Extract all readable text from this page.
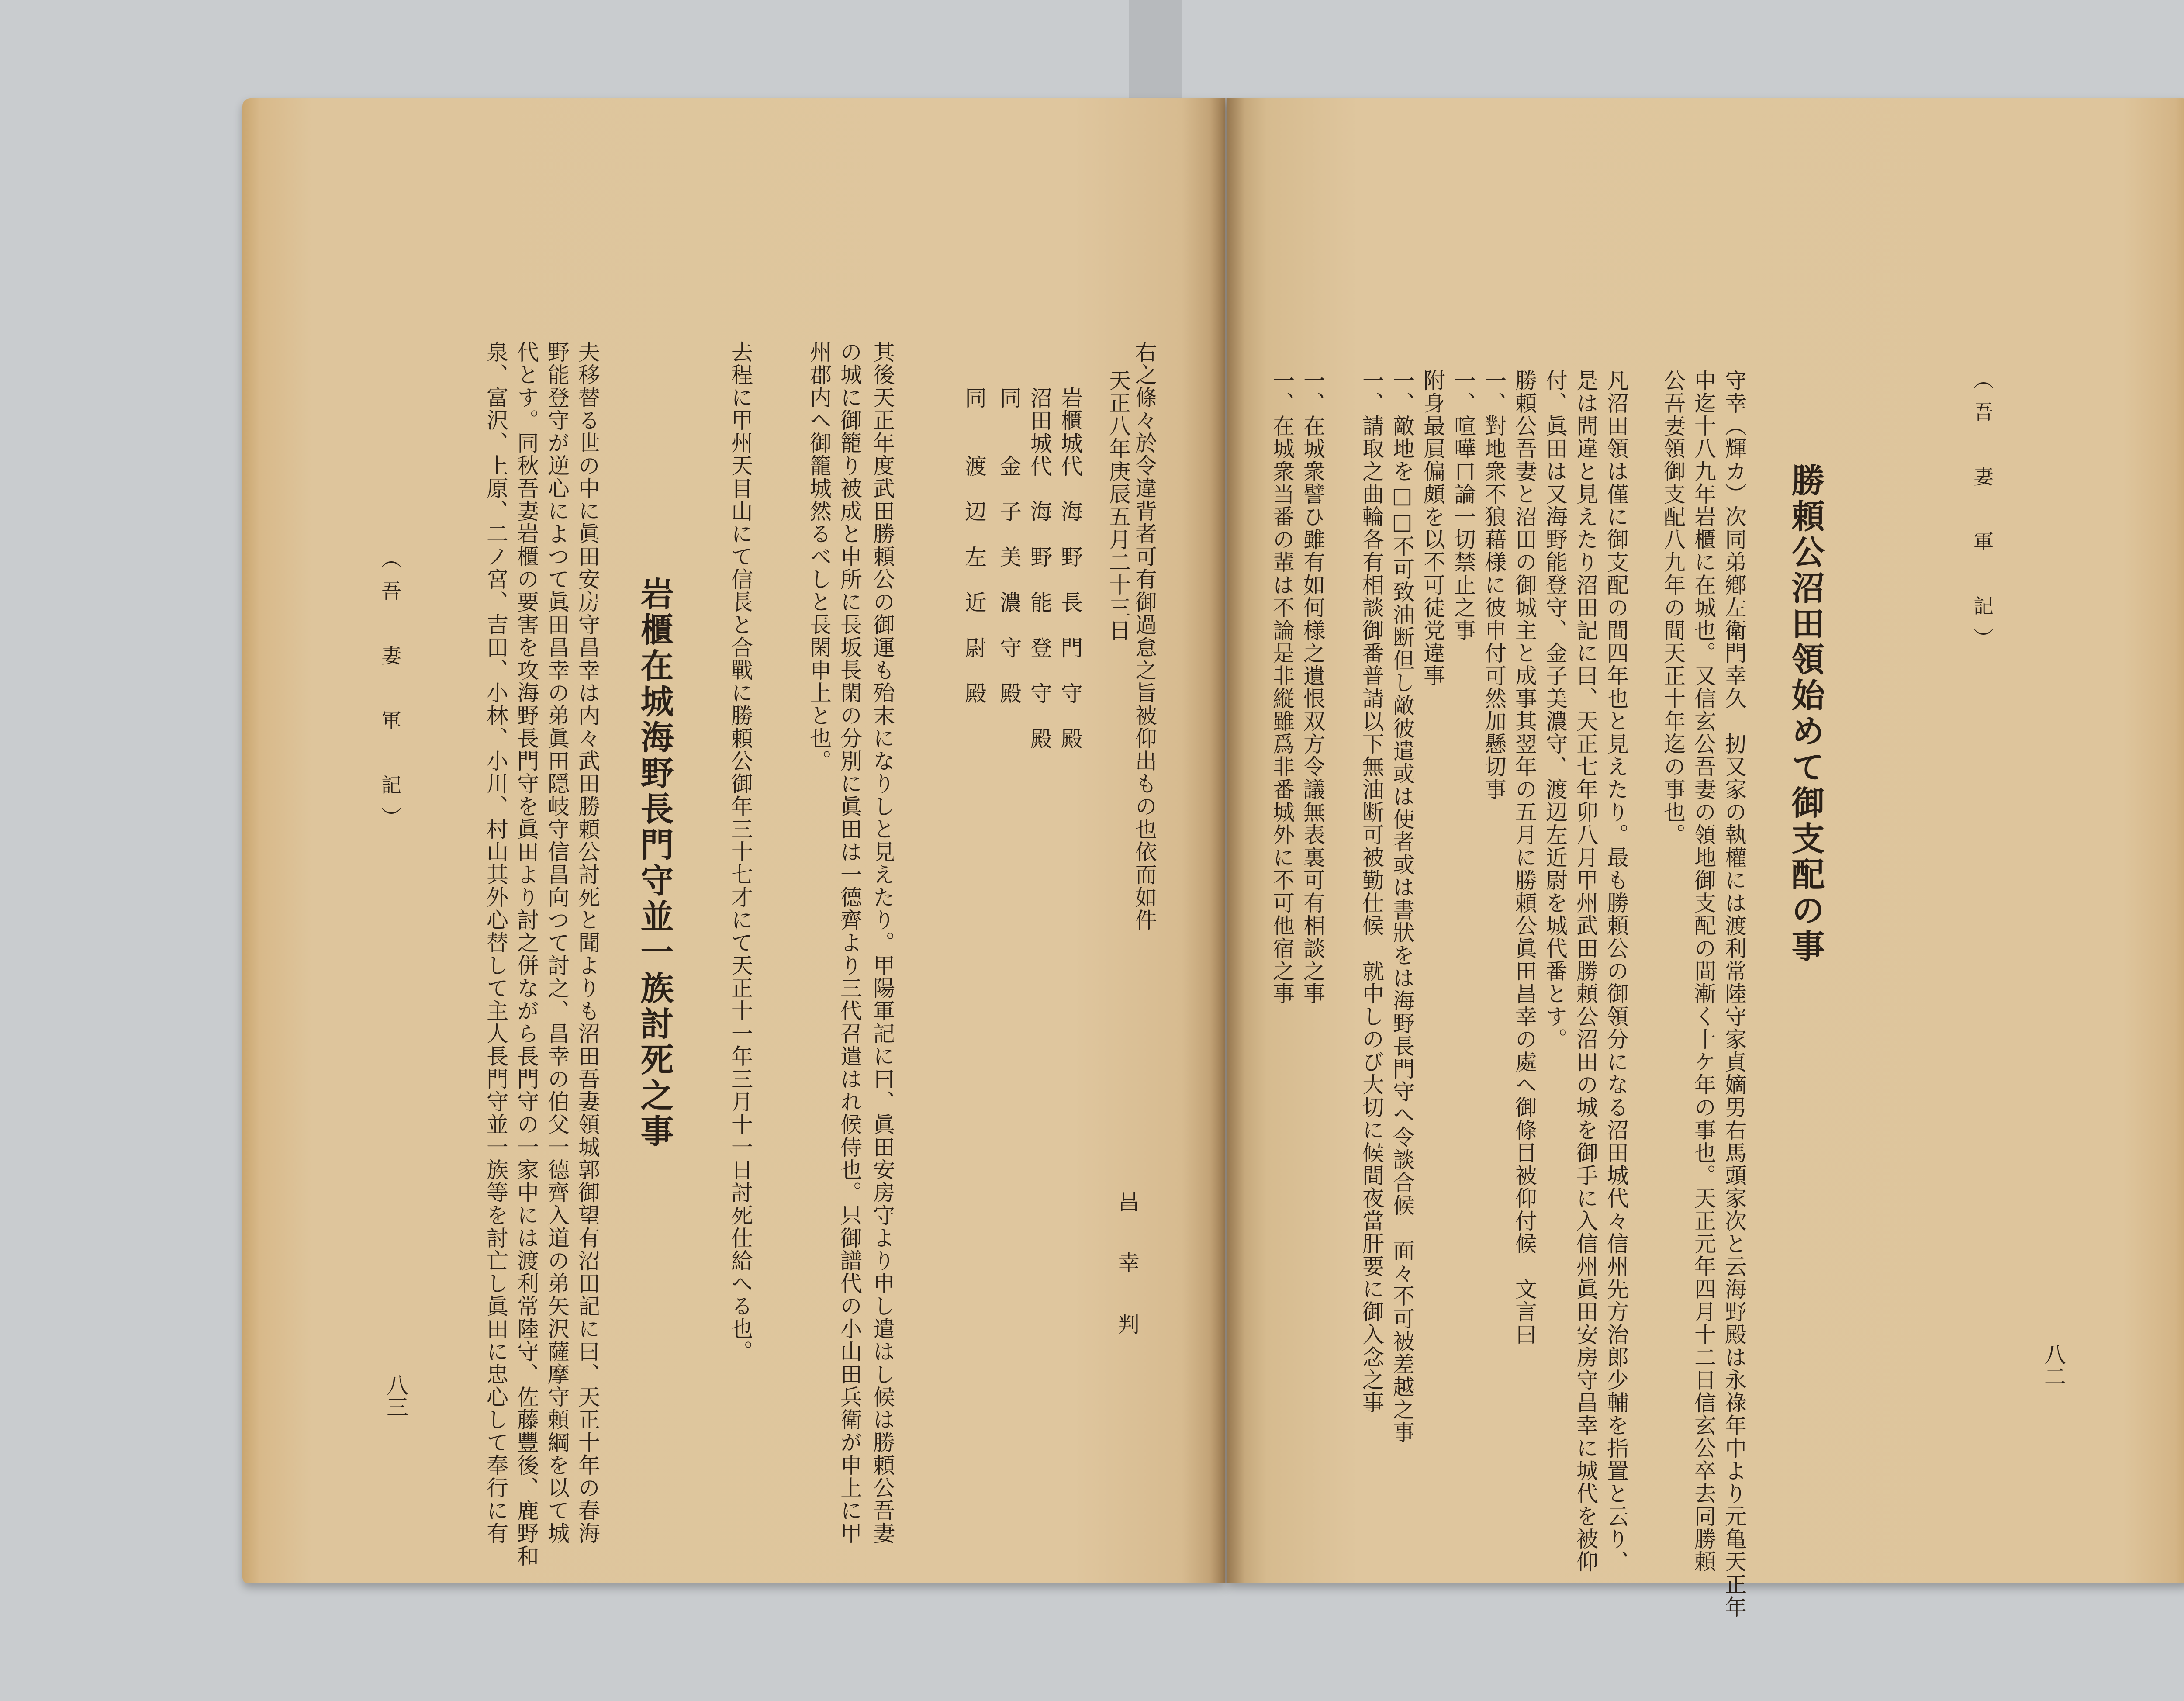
（吾　妻　軍　記）
八三
右之條々於令違背者可有御過怠之旨被仰出もの也依而如件
天正八年庚辰五月二十三日
岩櫃城代　海　野　長　門　守　殿
沼田城代　海　野　能　登　守　殿
同　　金　子　美　濃　守　殿
同　　渡　辺　左　近　尉　殿
其後天正年度武田勝頼公の御運も殆末になりしと見えたり。甲陽軍記に曰、眞田安房守より申し遣はし候は勝頼公吾妻
の城に御籠り被成と申所に長坂長閑の分別に眞田は一德齊より三代召遣はれ候侍也。只御譜代の小山田兵衛が申上に甲
州郡内へ御籠城然るべしと長閑申上と也。
去程に甲州天目山にて信長と合戰に勝頼公御年三十七才にて天正十一年三月十一日討死仕給へる也。
夫移替る世の中に眞田安房守昌幸は内々武田勝頼公討死と聞よりも沼田吾妻領城郭御望有沼田記に曰、天正十年の春海
野能登守が逆心によつて眞田昌幸の弟眞田隠岐守信昌向つて討之、昌幸の伯父一德齊入道の弟矢沢薩摩守頼綱を以て城
代とす。同秋吾妻岩櫃の要害を攻海野長門守を眞田より討之併ながら長門守の一家中には渡利常陸守、佐藤豐後、鹿野和
泉、富沢、上原、二ノ宮、吉田、小林、小川、村山其外心替して主人長門守並一族等を討亡し眞田に忠心して奉行に有	岩櫃在城海野長門守並一族討死之事
昌　幸　判
（吾　妻　軍　記）
八二
勝頼公沼田領始めて御支配の事
守幸（輝カ）次同弟鄕左衛門幸久　扨又家の執權には渡利常陸守家貞嫡男右馬頭家次と云海野殿は永祿年中より元亀天正年
中迄十八九年岩櫃に在城也。又信玄公吾妻の領地御支配の間漸く十ケ年の事也。天正元年四月十二日信玄公卒去同勝頼
公吾妻領御支配八九年の間天正十年迄の事也。
凡沼田領は僅に御支配の間四年也と見えたり。最も勝頼公の御領分になる沼田城代々信州先方治郎少輔を指置と云り、
是は間違と見えたり沼田記に曰、天正七年卯八月甲州武田勝頼公沼田の城を御手に入信州眞田安房守昌幸に城代を被仰
付、眞田は又海野能登守、金子美濃守、渡辺左近尉を城代番とす。
勝頼公吾妻と沼田の御城主と成事其翌年の五月に勝頼公眞田昌幸の處へ御條目被仰付候　文言曰
一、對地衆不狼藉様に彼申付可然加懸切事
一、喧嘩口論一切禁止之事
附身最屓偏頗を以不可徒党違事
一、敵地を□□不可致油断但し敵彼遣或は使者或は書狀をは海野長門守へ令談合候　面々不可被差越之事
一、在城衆譬ひ雖有如何様之遺恨双方令議無表裏可有相談之事
一、在城衆当番の輩は不論是非縦雖爲非番城外に不可他宿之事	一、請取之曲輪各有相談御番普請以下無油断可被勤仕候　就中しのび大切に候間夜當肝要に御入念之事
